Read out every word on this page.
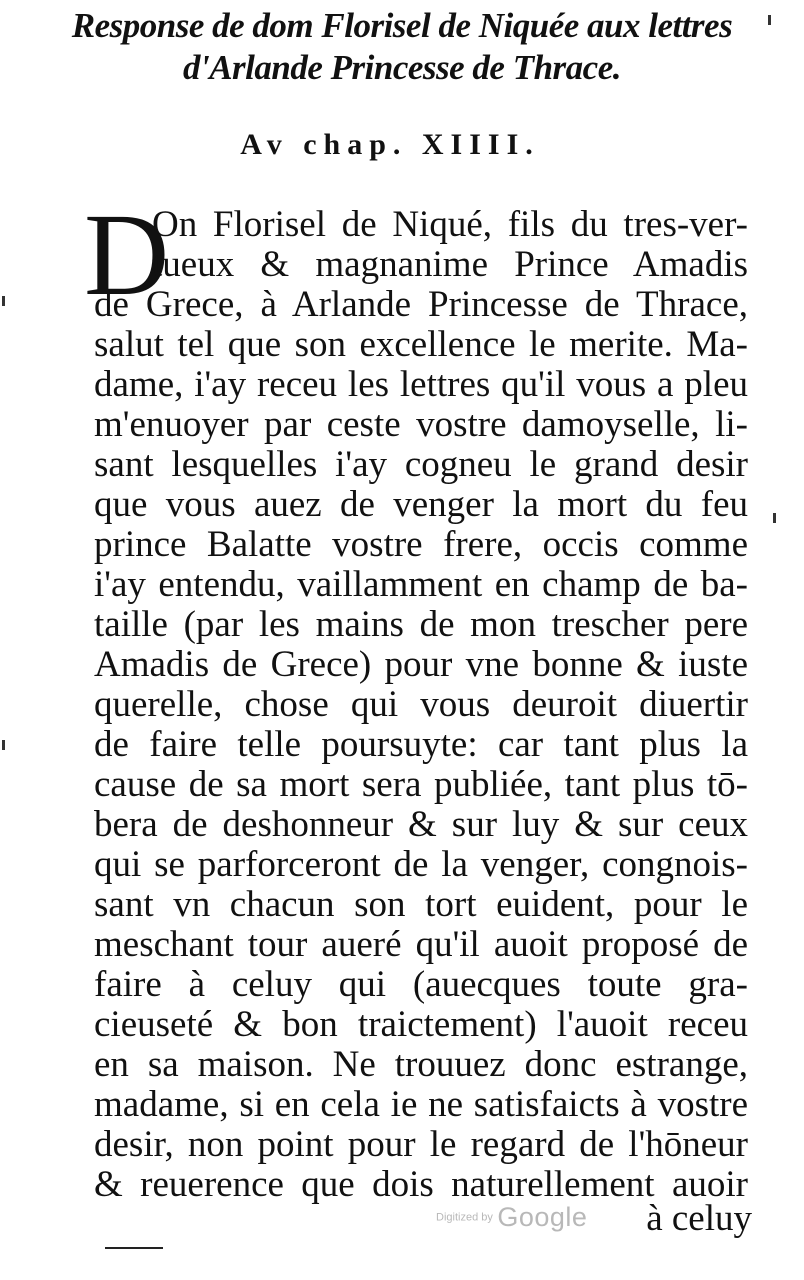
Response de dom Florisel de Niquée aux lettres
d'Arlande Princesse de Thrace.
Av chap. XIIII.
D
On Florisel de Niqué, fils du tres-ver-
tueux & magnanime Prince Amadis
de Grece, à Arlande Princesse de Thrace,
salut tel que son excellence le merite. Ma-
dame, i'ay receu les lettres qu'il vous a pleu
m'enuoyer par ceste vostre damoyselle, li-
sant lesquelles i'ay cogneu le grand desir
que vous auez de venger la mort du feu
prince Balatte vostre frere, occis comme
i'ay entendu, vaillamment en champ de ba-
taille (par les mains de mon trescher pere
Amadis de Grece) pour vne bonne & iuste
querelle, chose qui vous deuroit diuertir
de faire telle poursuyte: car tant plus la
cause de sa mort sera publiée, tant plus tō-
bera de deshonneur & sur luy & sur ceux
qui se parforceront de la venger, congnois-
sant vn chacun son tort euident, pour le
meschant tour aueré qu'il auoit proposé de
faire à celuy qui (auecques toute gra-
cieuseté & bon traictement) l'auoit receu
en sa maison. Ne trouuez donc estrange,
madame, si en cela ie ne satisfaicts à vostre
desir, non point pour le regard de l'hōneur
& reuerence que dois naturellement auoir
à celuy
Digitized by Google
